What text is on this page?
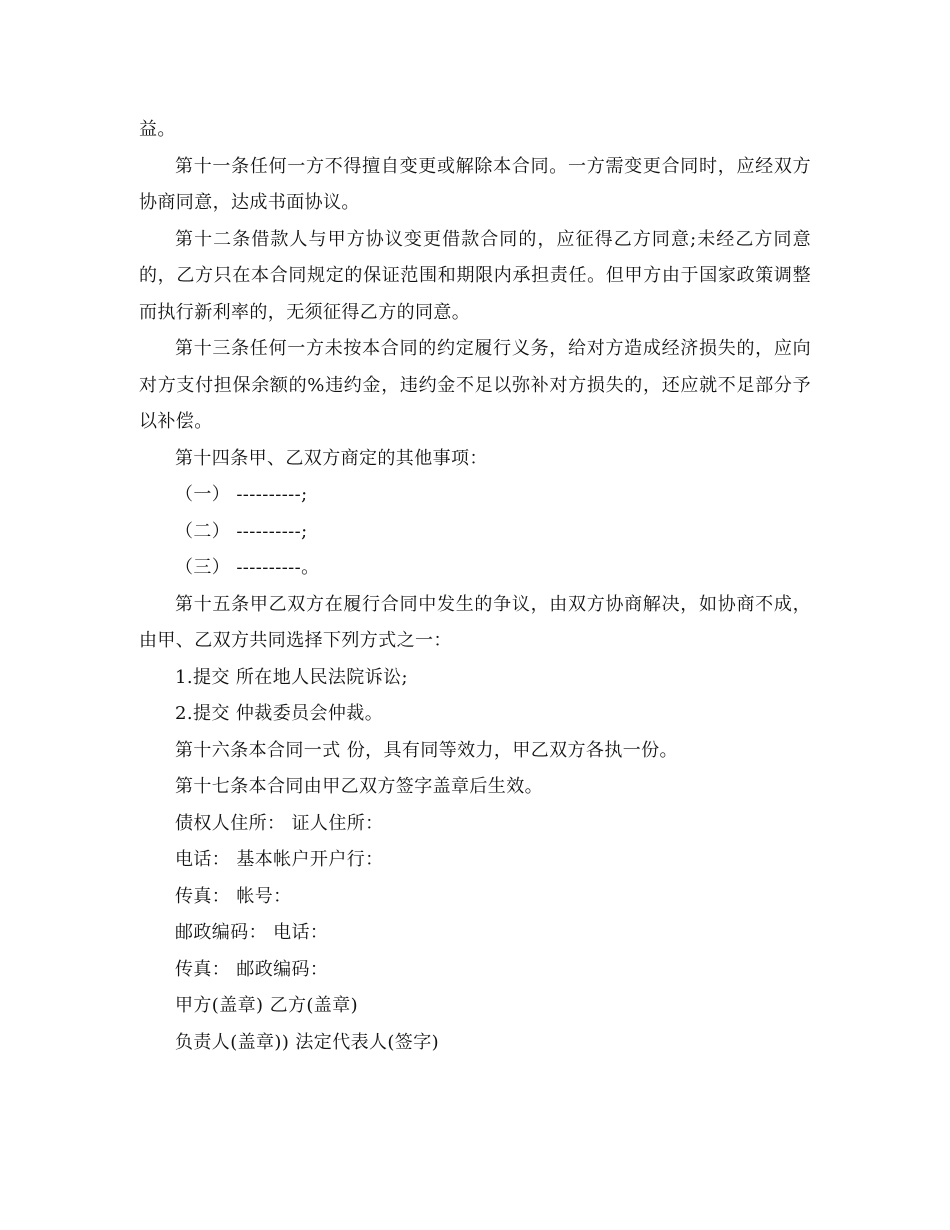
益。

第十一条任何一方不得擅自变更或解除本合同。一方需变更合同时，应经双方协商同意，达成书面协议。

第十二条借款人与甲方协议变更借款合同的，应征得乙方同意;未经乙方同意的，乙方只在本合同规定的保证范围和期限内承担责任。但甲方由于国家政策调整而执行新利率的，无须征得乙方的同意。

第十三条任何一方未按本合同的约定履行义务，给对方造成经济损失的，应向对方支付担保余额的%违约金，违约金不足以弥补对方损失的，还应就不足部分予以补偿。

第十四条甲、乙双方商定的其他事项：

（一） ----------;

（二） ----------;

（三） ----------。

第十五条甲乙双方在履行合同中发生的争议，由双方协商解决，如协商不成，由甲、乙双方共同选择下列方式之一：

1.提交 所在地人民法院诉讼;

2.提交 仲裁委员会仲裁。

第十六条本合同一式 份，具有同等效力，甲乙双方各执一份。

第十七条本合同由甲乙双方签字盖章后生效。

债权人住所： 证人住所：

电话： 基本帐户开户行：

传真： 帐号：

邮政编码： 电话：

传真： 邮政编码：

甲方(盖章) 乙方(盖章)

负责人(盖章)) 法定代表人(签字)
